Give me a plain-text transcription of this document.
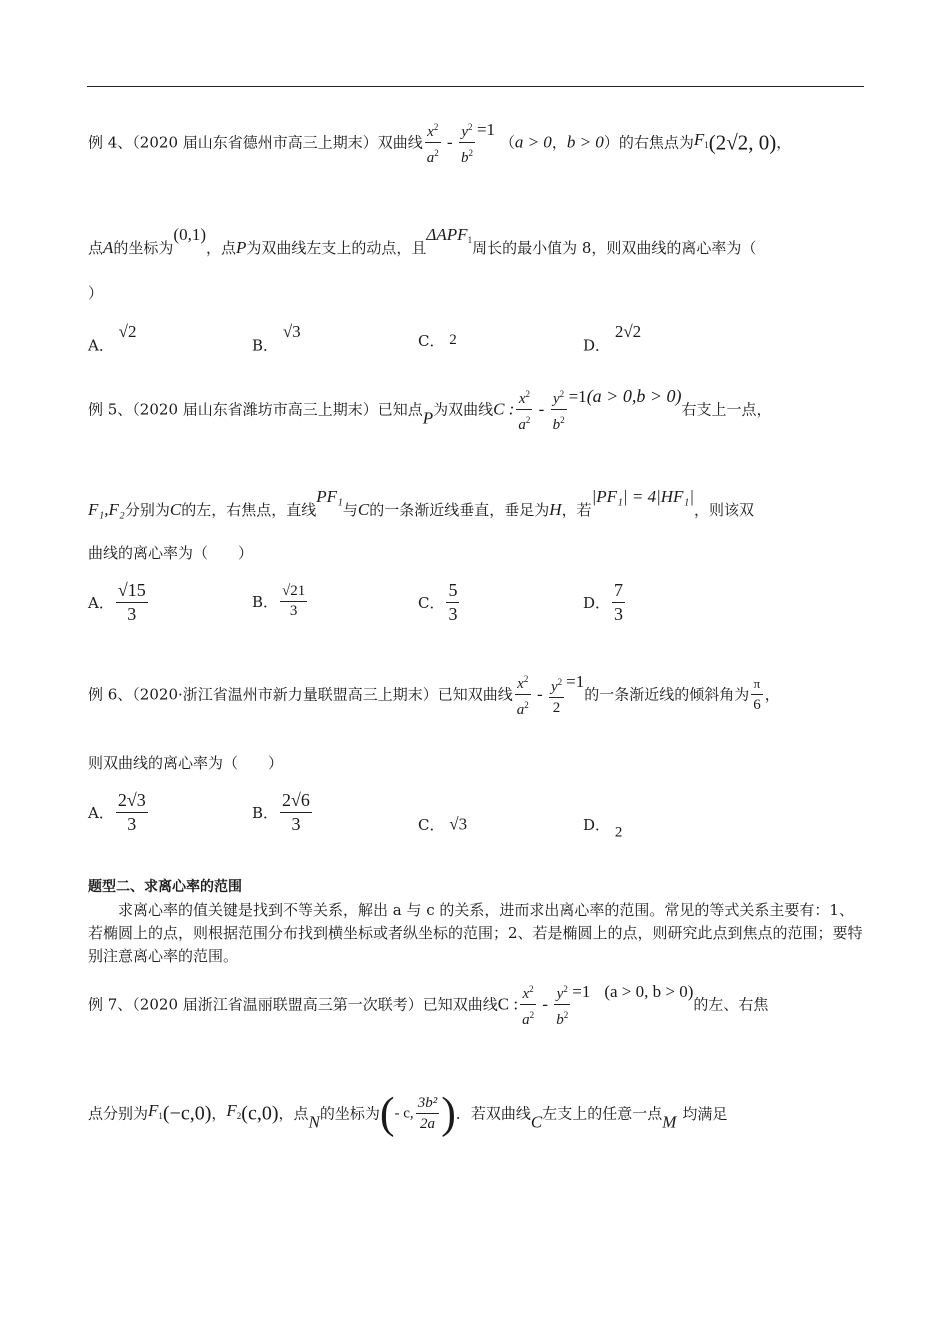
例 4、（2020 届山东省德州市高三上期末）双曲线 $\frac{x^2}{a^2} - \frac{y^2}{b^2} =1$ （a > 0，b > 0）的右焦点为$F_1(2√2$, 0)，
点A的坐标为(0,1)，点P为双曲线左支上的动点，且$\Delta APF_1$周长的最小值为 8，则双曲线的离心率为（
）
A． √2
B． √3	C． 2	D． 2√2
例 5、（2020 届山东省潍坊市高三上期末）已知点P为双曲线C : $\frac{x^2}{a^2} - \frac{y^2}{b^2} =1(a > 0,b > 0)$右支上一点，
F₁,F₂分别为C的左，右焦点，直线PF₁与C的一条渐近线垂直，垂足为H，若|PF₁| = 4|HF₁|，则该双
曲线的离心率为（　　）
A． $\frac{√15}{3}$	B． $\frac{√21}{3}$	C． $\frac{5}{3}$	D． $\frac{7}{3}$
例 6、（2020·浙江省温州市新力量联盟高三上期末）已知双曲线 $\frac{x^2}{a^2} - \frac{y^2}{2} =1$的一条渐近线的倾斜角为 $\frac{\pi}{6}$ ，
则双曲线的离心率为（　　）
A． $\frac{2√3}{3}$	B． $\frac{2√6}{3}$	C． √3	D． 2
题型二、求离心率的范围
求离心率的值关键是找到不等关系，解出 a 与 c 的关系，进而求出离心率的范围。常见的等式关系主要有：1、若椭圆上的点，则根据范围分布找到横坐标或者纵坐标的范围；2、若是椭圆上的点，则研究此点到焦点的范围；要特别注意离心率的范围。
例 7、（2020 届浙江省温丽联盟高三第一次联考）已知双曲线C : $\frac{x^2}{a^2} - \frac{y^2}{b^2} =1$ (a > 0, b > 0)的左、右焦
点分别为$F_1(-c,0)$，$F_2(c,0)$，点N的坐标为(- c, $\frac{\text{3b²}}{2a}$ )．若双曲线C左支上的任意一点M 均满足
